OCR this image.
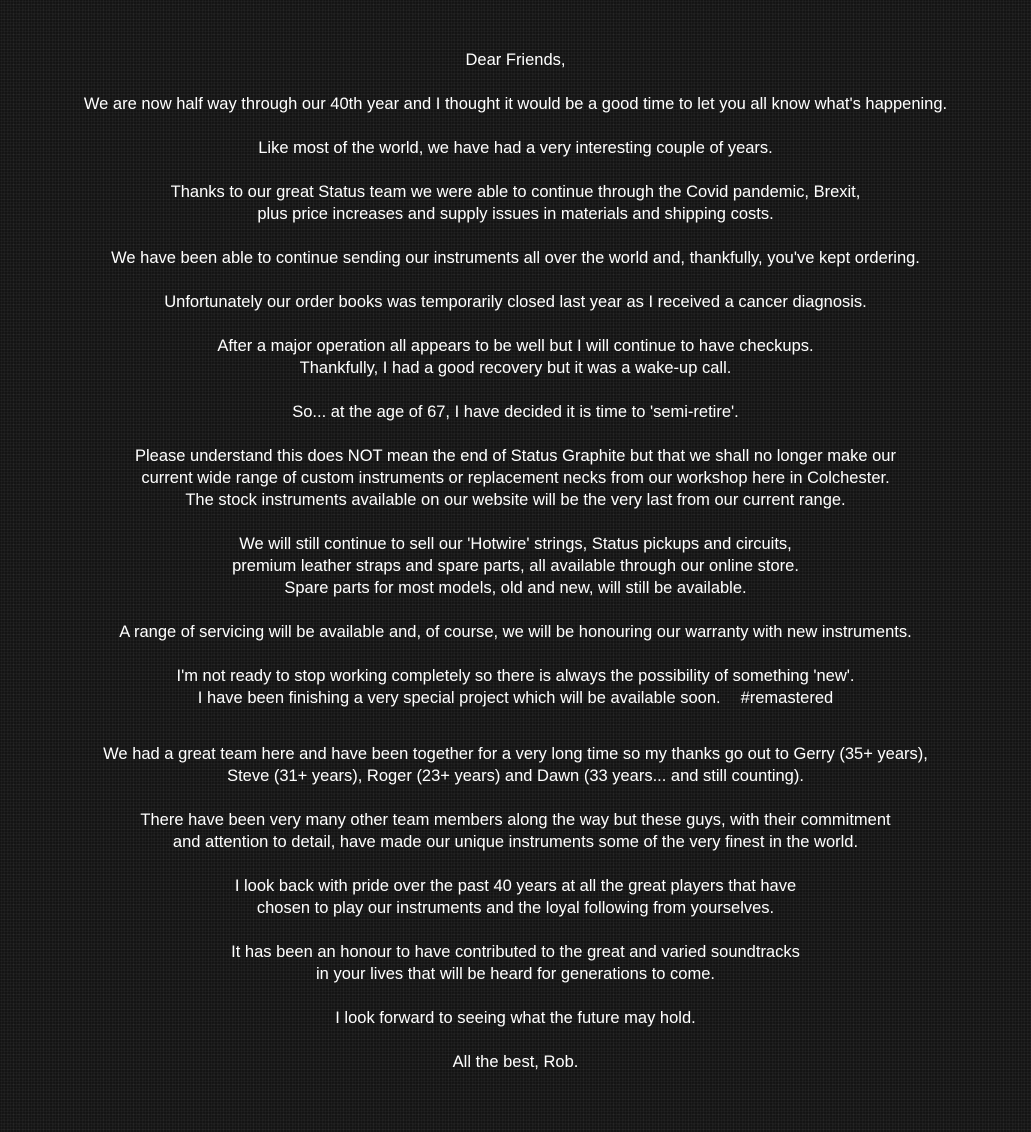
Dear Friends,

We are now half way through our 40th year and I thought it would be a good time to let you all know what's happening.

Like most of the world, we have had a very interesting couple of years.

Thanks to our great Status team we were able to continue through the Covid pandemic, Brexit,
plus price increases and supply issues in materials and shipping costs.

We have been able to continue sending our instruments all over the world and, thankfully, you've kept ordering.

Unfortunately our order books was temporarily closed last year as I received a cancer diagnosis.

After a major operation all appears to be well but I will continue to have checkups.
Thankfully, I had a good recovery but it was a wake-up call.

So... at the age of 67, I have decided it is time to 'semi-retire'.

Please understand this does NOT mean the end of Status Graphite but that we shall no longer make our
current wide range of custom instruments or replacement necks from our workshop here in Colchester.
The stock instruments available on our website will be the very last from our current range.

We will still continue to sell our 'Hotwire' strings, Status pickups and circuits,
premium leather straps and spare parts, all available through our online store.
Spare parts for most models, old and new, will still be available.

A range of servicing will be available and, of course, we will be honouring our warranty with new instruments.

I'm not ready to stop working completely so there is always the possibility of something 'new'.
I have been finishing a very special project which will be available soon. #remastered

We had a great team here and have been together for a very long time so my thanks go out to Gerry (35+ years),
Steve (31+ years), Roger (23+ years) and Dawn (33 years... and still counting).

There have been very many other team members along the way but these guys, with their commitment
and attention to detail, have made our unique instruments some of the very finest in the world.

I look back with pride over the past 40 years at all the great players that have
chosen to play our instruments and the loyal following from yourselves.

It has been an honour to have contributed to the great and varied soundtracks
in your lives that will be heard for generations to come.

I look forward to seeing what the future may hold.

All the best, Rob.
